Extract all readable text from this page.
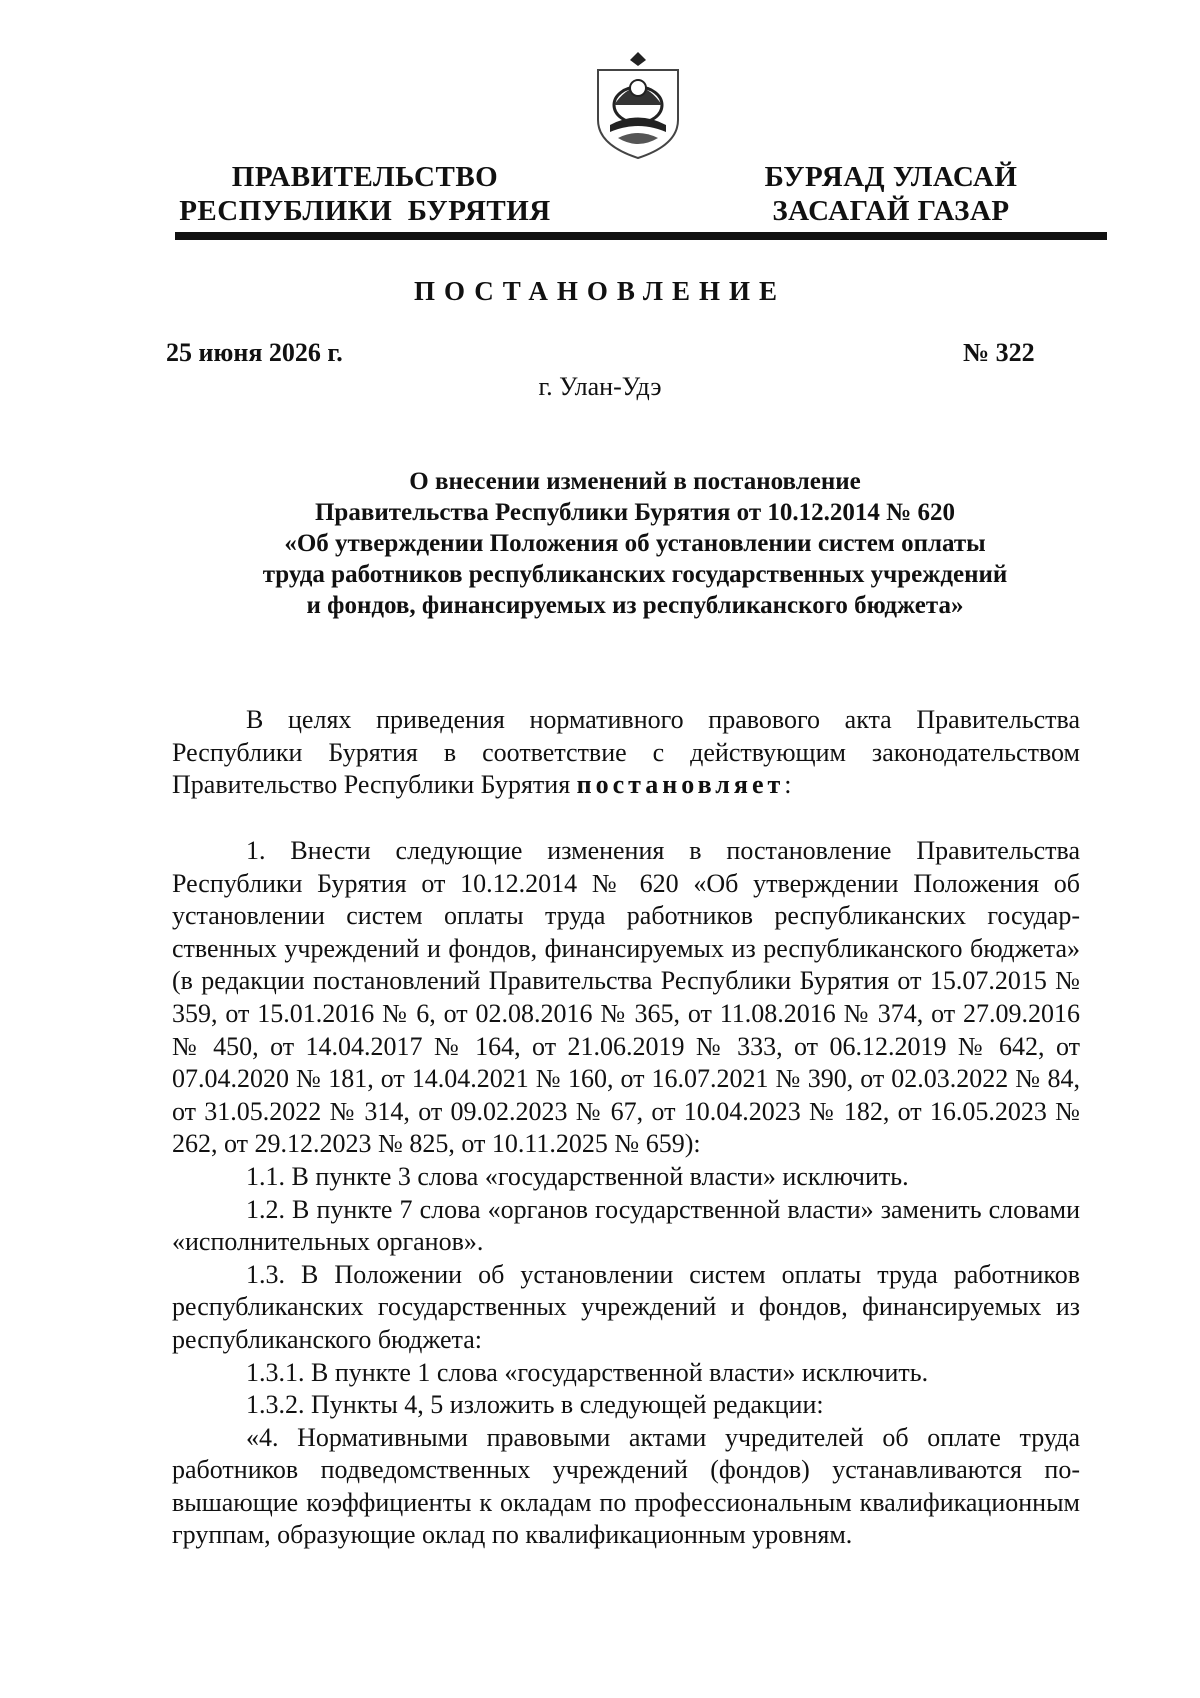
ПРАВИТЕЛЬСТВО
РЕСПУБЛИКИ  БУРЯТИЯ
БУРЯАД УЛАСАЙ
ЗАСАГАЙ ГАЗАР
ПОСТАНОВЛЕНИЕ
25 июня 2026 г.	№ 322
г. Улан-Удэ
О внесении изменений в постановление
Правительства Республики Бурятия от 10.12.2014 № 620
«Об утверждении Положения об установлении систем оплаты
труда работников республиканских государственных учреждений
и фондов, финансируемых из республиканского бюджета»

В целях приведения нормативного правового акта Правительства Республики Бурятия в соответствие с действующим законодательством Правительство Республики Бурятия постановляет:

1. Внести следующие изменения в постановление Правительства Республики Бурятия от 10.12.2014 № 620 «Об утверждении Положения об установлении систем оплаты труда работников республиканских государственных учреждений и фондов, финансируемых из республиканского бюджета» (в редакции постановлений Правительства Республики Бурятия от 15.07.2015 № 359, от 15.01.2016 № 6, от 02.08.2016 № 365, от 11.08.2016 № 374, от 27.09.2016 № 450, от 14.04.2017 № 164, от 21.06.2019 № 333, от 06.12.2019 № 642, от 07.04.2020 № 181, от 14.04.2021 № 160, от 16.07.2021 № 390, от 02.03.2022 № 84, от 31.05.2022 № 314, от 09.02.2023 № 67, от 10.04.2023 № 182, от 16.05.2023 № 262, от 29.12.2023 № 825, от 10.11.2025 № 659):

1.1. В пункте 3 слова «государственной власти» исключить.

1.2. В пункте 7 слова «органов государственной власти» заменить словами «исполнительных органов».

1.3. В Положении об установлении систем оплаты труда работников республиканских государственных учреждений и фондов, финансируемых из республиканского бюджета:

1.3.1. В пункте 1 слова «государственной власти» исключить.

1.3.2. Пункты 4, 5 изложить в следующей редакции:

«4. Нормативными правовыми актами учредителей об оплате труда работников подведомственных учреждений (фондов) устанавливаются повышающие коэффициенты к окладам по профессиональным квалификационным группам, образующие оклад по квалификационным уровням.
